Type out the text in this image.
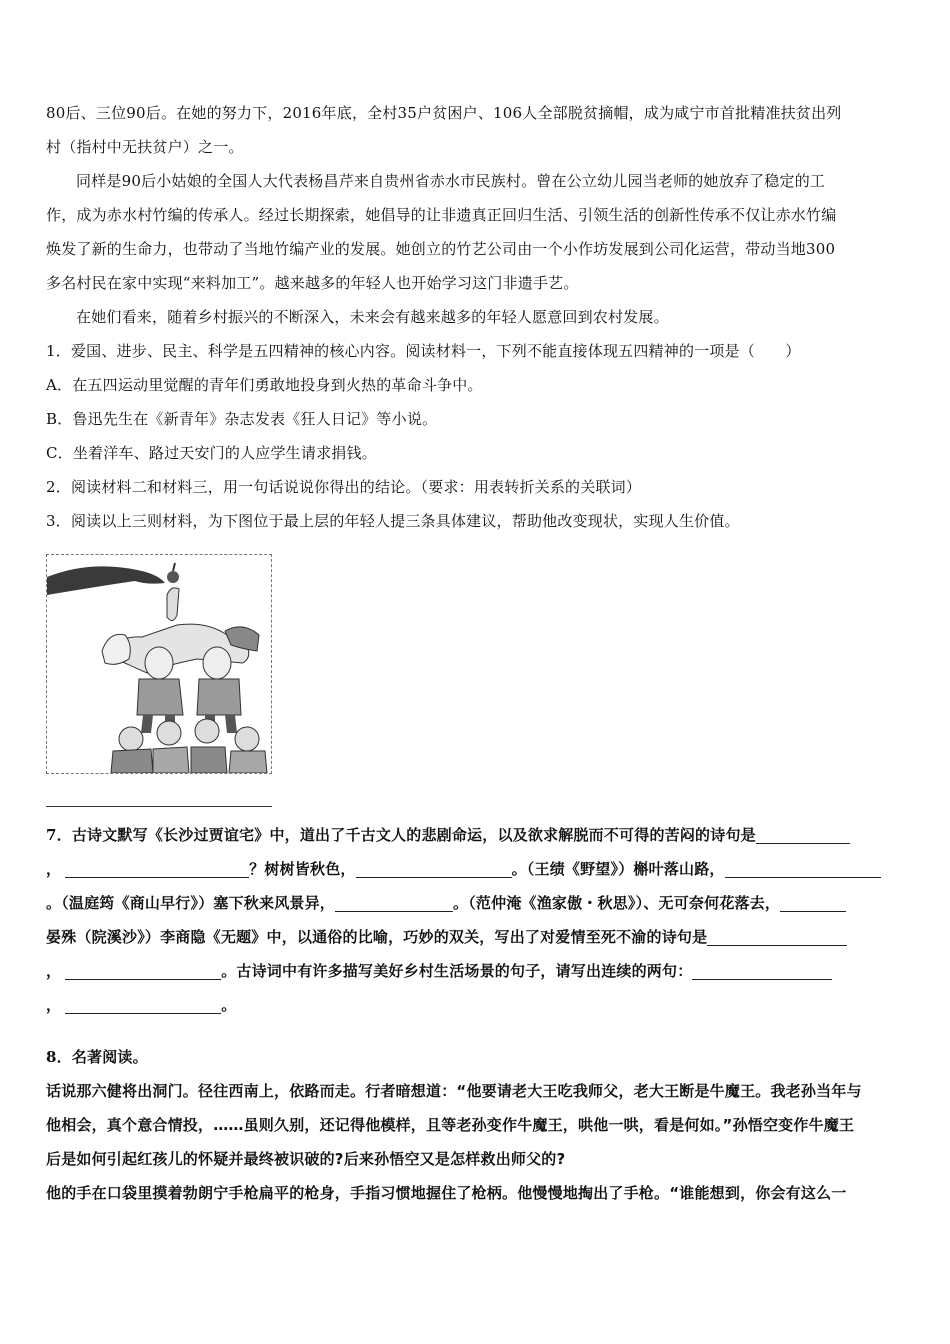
80后、三位90后。在她的努力下，2016年底，全村35户贫困户、106人全部脱贫摘帽，成为咸宁市首批精准扶贫出列
村（指村中无扶贫户）之一。
同样是90后小姑娘的全国人大代表杨昌芹来自贵州省赤水市民族村。曾在公立幼儿园当老师的她放弃了稳定的工
作，成为赤水村竹编的传承人。经过长期探索，她倡导的让非遗真正回归生活、引领生活的创新性传承不仅让赤水竹编
焕发了新的生命力，也带动了当地竹编产业的发展。她创立的竹艺公司由一个小作坊发展到公司化运营，带动当地300
多名村民在家中实现“来料加工”。越来越多的年轻人也开始学习这门非遗手艺。
在她们看来，随着乡村振兴的不断深入，未来会有越来越多的年轻人愿意回到农村发展。
1．爱国、进步、民主、科学是五四精神的核心内容。阅读材料一，下列不能直接体现五四精神的一项是（　　）
A．在五四运动里觉醒的青年们勇敢地投身到火热的革命斗争中。
B．鲁迅先生在《新青年》杂志发表《狂人日记》等小说。
C．坐着洋车、路过天安门的人应学生请求捐钱。
2．阅读材料二和材料三，用一句话说说你得出的结论。（要求：用表转折关系的关联词）
3．阅读以上三则材料，为下图位于最上层的年轻人提三条具体建议，帮助他改变现状，实现人生价值。
7．古诗文默写《长沙过贾谊宅》中，道出了千古文人的悲剧命运，以及欲求解脱而不可得的苦闷的诗句是
，	？树树皆秋色，	。（王绩《野望》）槲叶落山路，
。（温庭筠《商山早行》）塞下秋来风景异，	。（范仲淹《渔家傲・秋思》）、无可奈何花落去，
晏殊（院溪沙》）李商隐《无题》中，以通俗的比喻，巧妙的双关，写出了对爱情至死不渝的诗句是
，	。古诗词中有许多描写美好乡村生活场景的句子，请写出连续的两句：
，	。
8．名著阅读。
话说那六健将出洞门。径往西南上，依路而走。行者暗想道：“他要请老大王吃我师父，老大王断是牛魔王。我老孙当年与
他相会，真个意合情投，……虽则久别，还记得他模样，且等老孙变作牛魔王，哄他一哄，看是何如。”孙悟空变作牛魔王
后是如何引起红孩儿的怀疑并最终被识破的?后来孙悟空又是怎样救出师父的?
他的手在口袋里摸着勃朗宁手枪扁平的枪身，手指习惯地握住了枪柄。他慢慢地掏出了手枪。“谁能想到，你会有这么一
